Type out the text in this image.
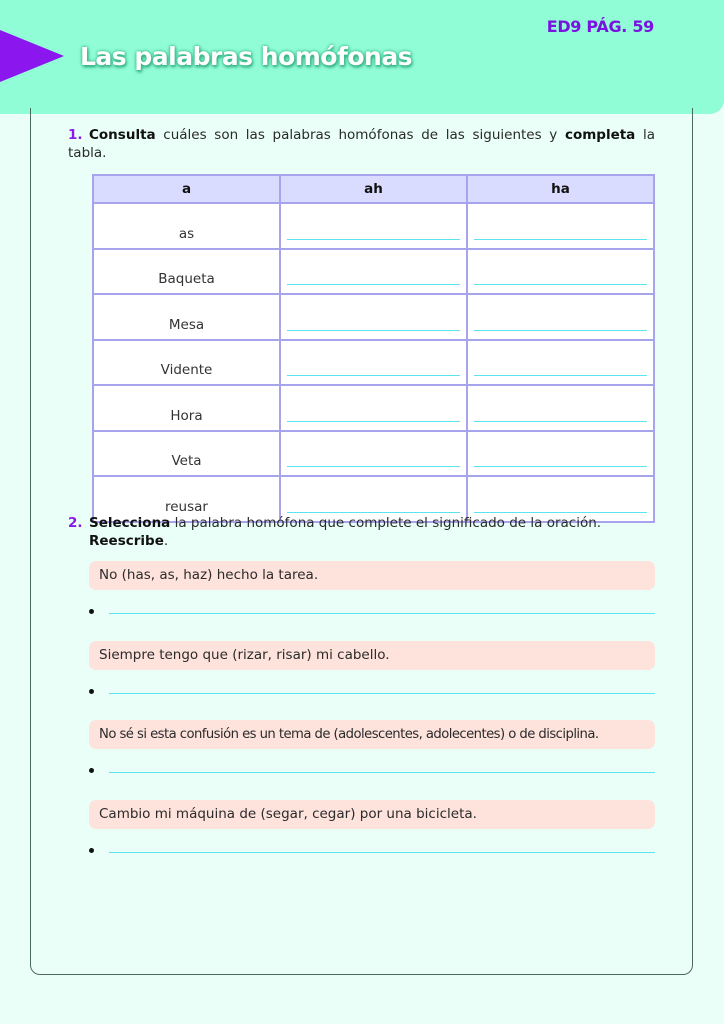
Las palabras homófonas
ED9 PÁG. 59
1. Consulta cuáles son las palabras homófonas de las siguientes y completa la tabla.
a	ah	ha
as	

Baqueta	

Mesa	

Vidente	

Hora	

Veta	

reusar	

2. Selecciona la palabra homófona que complete el significado de la oración.
Reescribe.
No (has, as, haz) hecho la tarea.
Siempre tengo que (rizar, risar) mi cabello.
No sé si esta confusión es un tema de (adolescentes, adolecentes) o de disciplina.
Cambio mi máquina de (segar, cegar) por una bicicleta.
